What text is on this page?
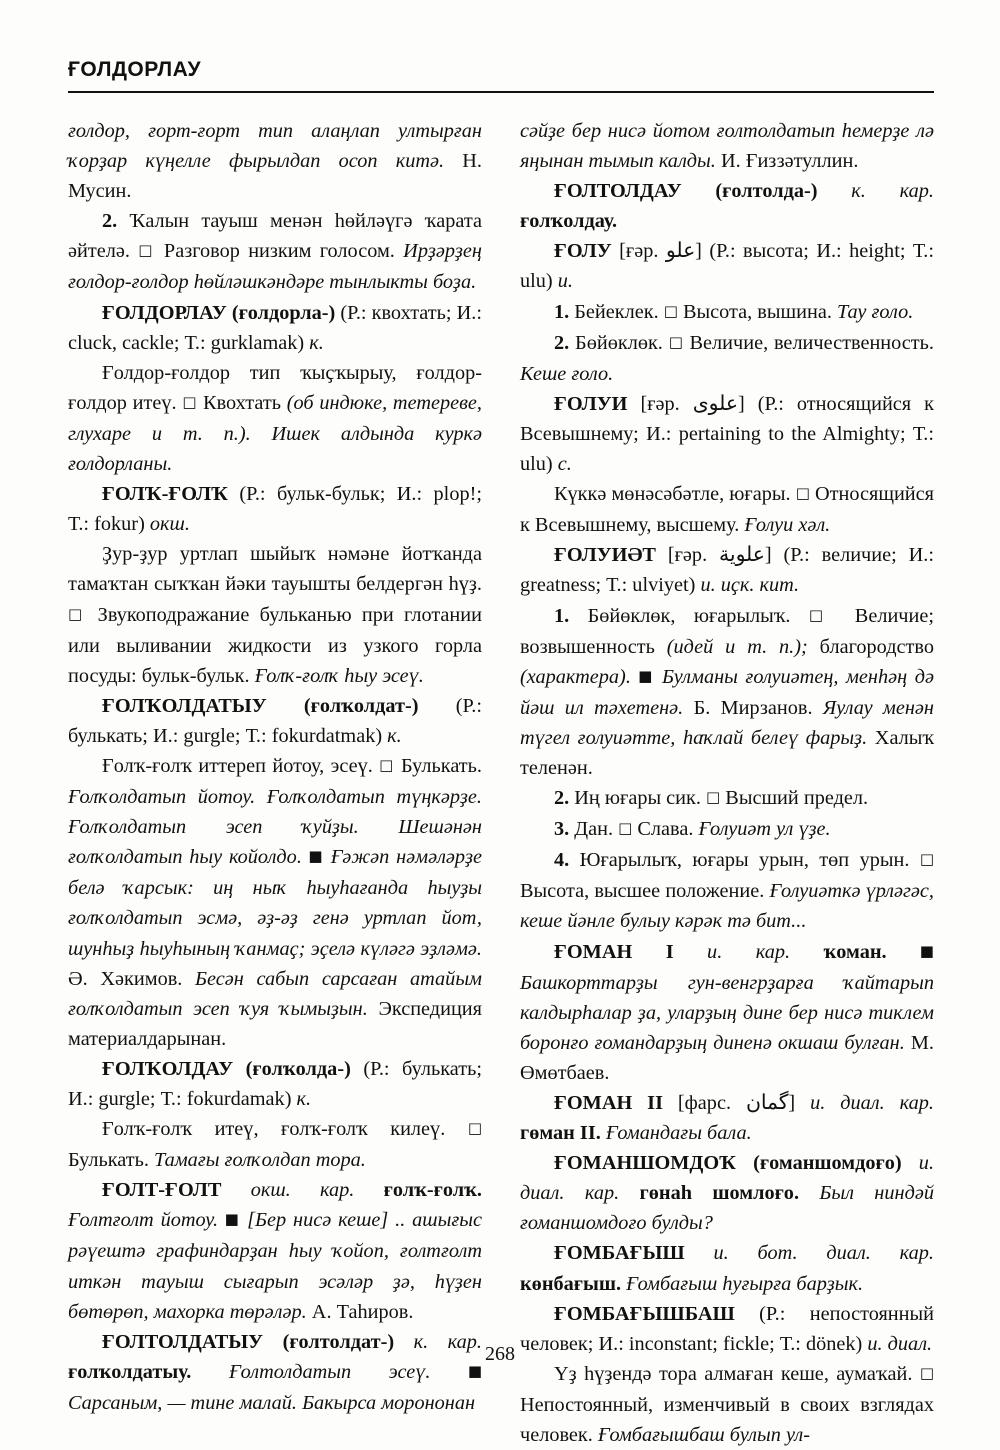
ҒОЛДОРЛАУ

ғолдор, ғорт-ғорт тип алаңлап ултырған ҡорҙар күңелле фырылдап осоп китә. Н. Мусин.

2. Ҡалын тауыш менән һөйләүгә ҡарата әйтелә. □ Разговор низким голосом. Ирҙәрҙең ғолдор-ғолдор һөйләшкәндәре тынлыкты боҙа.

ҒОЛДОРЛАУ (ғолдорла-) (Р.: квохтать; И.: cluck, cackle; Т.: gurklamak) к.

Ғолдор-ғолдор тип ҡыҫҡырыу, ғолдор-ғолдор итеү. □ Квохтать (об индюке, тетереве, глухаре и т. п.). Ишек алдында куркә ғолдорланы.

ҒОЛҠ-ҒОЛҠ (Р.: бульк-бульк; И.: plop!; Т.: fokur) окш.

Ҙур-ҙур уртлап шыйыҡ нәмәне йотҡанда тамаҡтан сыҡҡан йәки тауышты белдергән һүҙ. □ Звукоподражание бульканью при глотании или выливании жидкости из узкого горла посуды: бульк-бульк. Ғолҡ-ғолҡ һыу эсеү.

ҒОЛҠОЛДАТЫУ (ғолҡолдат-) (Р.: булькать; И.: gurgle; Т.: fokurdatmak) к.

Ғолҡ-ғолҡ иттереп йотоу, эсеү. □ Булькать. Ғолҡолдатып йотоу. Ғолҡолдатып түңкәрҙе. Ғолҡолдатып эсеп ҡуйҙы. Шешәнән ғолҡолдатып һыу койолдо. ■ Ғәжәп нәмәләрҙе белә ҡарсык: иң ныҡ һыуһағанда һыуҙы ғолҡолдатып эсмә, əҙ-əҙ генə уртлап йот, шунһыҙ һыуһының ҡанмаҫ; эҫелә күләгә эҙләмә. Ә. Хәкимов. Бесән сабып сарсаған атайым ғолҡолдатып эсеп ҡуя ҡымыҙын. Экспедиция материалдарынан.

ҒОЛҠОЛДАУ (ғолҡолда-) (Р.: булькать; И.: gurgle; Т.: fokurdamak) к.

Ғолҡ-ғолҡ итеү, ғолҡ-ғолҡ килеү. □ Булькать. Тамағы ғолҡолдап тора.

ҒОЛТ-ҒОЛТ окш. кар. ғолҡ-ғолҡ. Ғолтғолт йотоу. ■ [Бер нисә кеше] .. ашығыс рәүештә графиндарҙан һыу ҡойоп, ғолтғолт иткән тауыш сығарып эсәләр ҙә, һүҙен бөтөрөп, махорка төрәләр. А. Таһиров.

ҒОЛТОЛДАТЫУ (ғолтолдат-) к. кар. ғолҡолдатыу. Ғолтолдатып эсеү. ■ Сарсаным, — тине малай. Бакырса морононан

сәйҙе бер нисә йотом ғолтолдатып һемерҙе лә яңынан тымып калды. И. Ғиззәтуллин.

ҒОЛТОЛДАУ (ғолтолда-) к. кар. ғолҡолдау.

ҒОЛУ [ғәр. علو] (Р.: высота; И.: height; Т.: ulu) и.

1. Бейеклек. □ Высота, вышина. Тау ғоло.

2. Бөйөклөк. □ Величие, величественность. Кеше ғоло.

ҒОЛУИ [ғәр. علوی] (Р.: относящийся к Всевышнему; И.: pertaining to the Almighty; Т.: ulu) с.

Күккә мөнәсәбәтле, юғары. □ Относящийся к Всевышнему, высшему. Ғолуи хәл.

ҒОЛУИӘТ [ғәр. علویة] (Р.: величие; И.: greatness; Т.: ulviyet) и. иҫк. кит.

1. Бөйөклөк, юғарылыҡ. □ Величие; возвышенность (идей и т. п.); благородство (характера). ■ Булманы ғолуиәтең, менһәң дә йәш ил тәхетенә. Б. Мирзанов. Яулау менән түгел ғолуиәтте, һаҡлай белеү фарыҙ. Халыҡ теленән.

2. Иң юғары сик. □ Высший предел.

3. Дан. □ Слава. Ғолуиәт ул үҙе.

4. Юғарылыҡ, юғары урын, төп урын. □ Высота, высшее положение. Ғолуиәткә үрләгәс, кеше йәнле булыу кәрәк тә бит...

ҒОМАН I и. кар. ҡоман. ■ Башкорттарҙы гун-венгрҙарға ҡайтарып калдырһалар ҙа, уларҙың дине бер нисә тиклем боронғо ғомандарҙың диненә окшаш булған. М. Өмөтбаев.

ҒОМАН II [фарс. گمان] и. диал. кар. гөман II. Ғомандағы бала.

ҒОМАНШОМДОҠ (ғоманшомдоғо) и. диал. кар. гөнаһ шомлоғо. Был ниндәй ғоманшомдоғо булды?

ҒОМБАҒЫШ и. бот. диал. кар. көнбағыш. Ғомбағыш һуғырға барҙык.

ҒОМБАҒЫШБАШ (Р.: непостоянный человек; И.: inconstant; fickle; Т.: dönek) и. диал.

Үҙ һүҙендә тора алмаған кеше, аумаҡай. □ Непостоянный, изменчивый в своих взглядах человек. Ғомбағышбаш булып ул-

268
